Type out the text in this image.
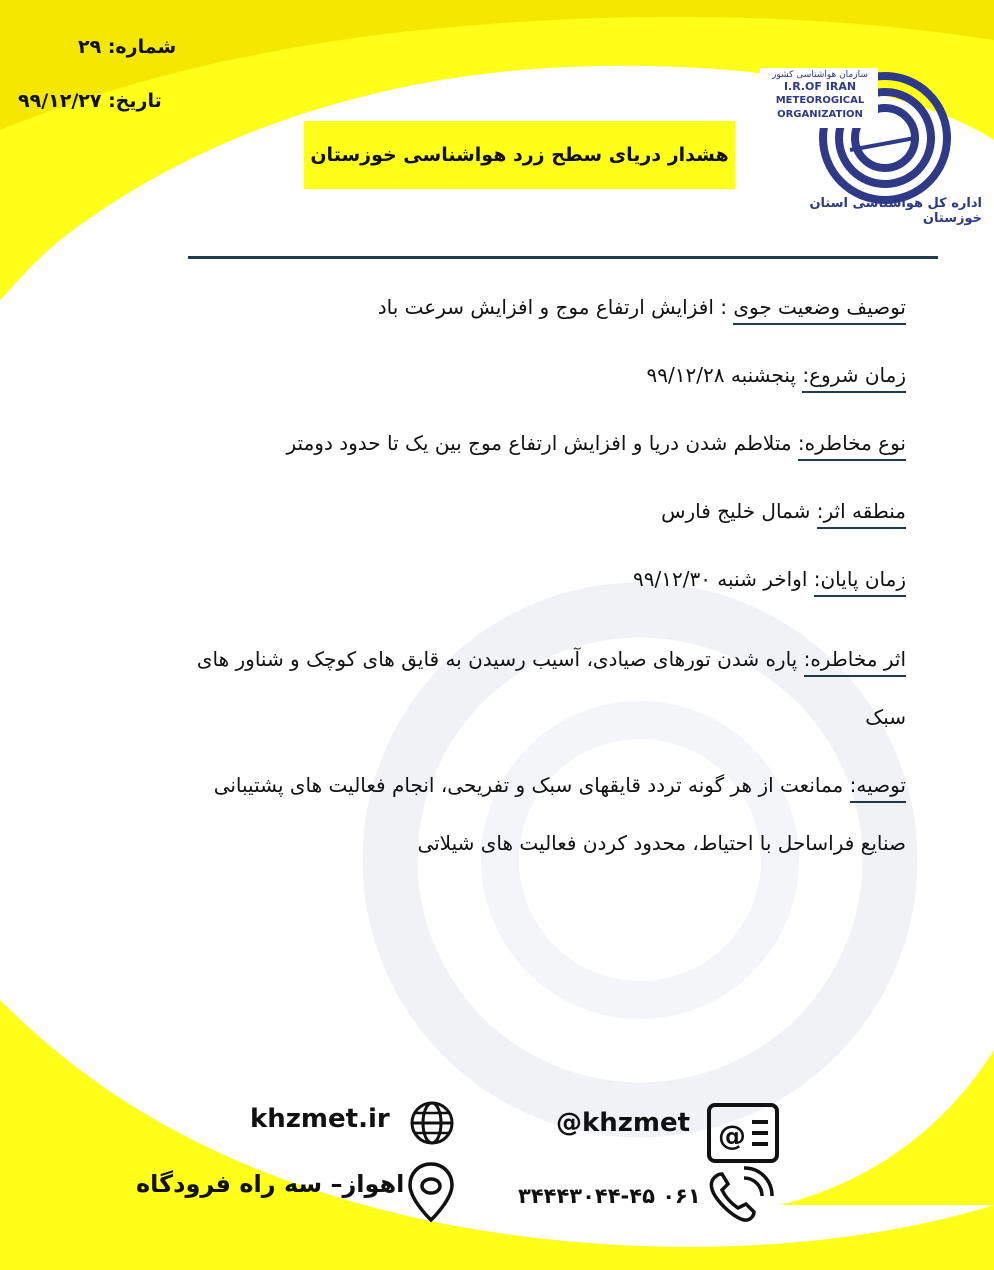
شماره: ۲۹
تاریخ: ۹۹/۱۲/۲۷
هشدار دریای سطح زرد هواشناسی خوزستان
سازمان هواشناسی کشور
I.R.OF IRAN
METEOROGICAL
ORGANIZATION
اداره کل هواشناسی استان خوزستان
توصیف وضعیت جوی : افزایش ارتفاع موج و افزایش سرعت باد
زمان شروع: پنجشنبه ۹۹/۱۲/۲۸
نوع مخاطره: متلاطم شدن دریا و افزایش ارتفاع موج بین یک تا حدود دومتر
منطقه اثر: شمال خلیج فارس
زمان پایان: اواخر شنبه ۹۹/۱۲/۳۰
اثر مخاطره: پاره شدن تورهای صیادی، آسیب رسیدن به قایق های کوچک و شناور های سبک
توصیه: ممانعت از هر گونه تردد قایقهای سبک و تفریحی، انجام فعالیت های پشتیبانی صنایع فراساحل با احتیاط، محدود کردن فعالیت های شیلاتی
khzmet.ir	@khzmet @
اهواز– سه راه فرودگاه	۰۶۱ ۳۴۴۴۳۰۴۴-۴۵
